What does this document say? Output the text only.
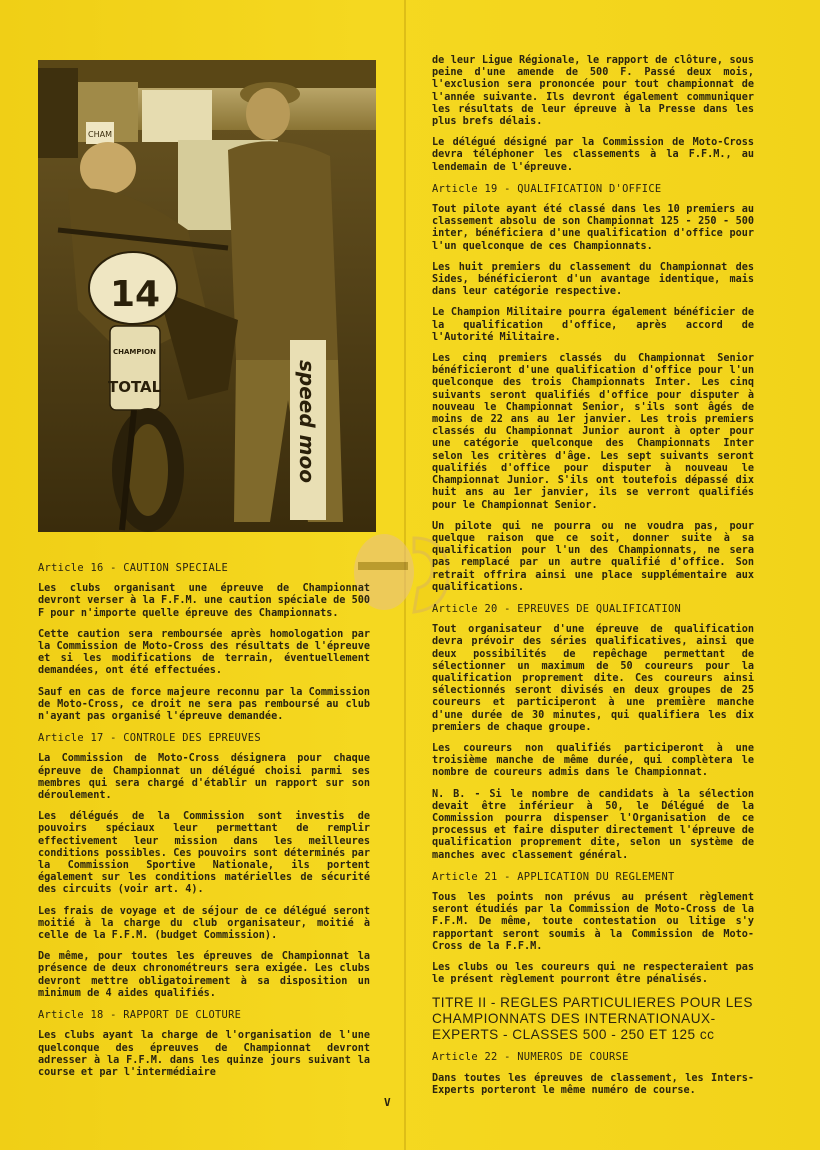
CHAM
speed moo
14
CHAMPION
TOTAL
Article 16 - CAUTION SPECIALE
Les clubs organisant une épreuve de Championnat devront verser à la F.F.M. une caution spéciale de 500 F pour n'importe quelle épreuve des Championnats.
Cette caution sera remboursée après homologation par la Commission de Moto-Cross des résultats de l'épreuve et si les modifications de terrain, éventuellement demandées, ont été effectuées.
Sauf en cas de force majeure reconnu par la Commission de Moto-Cross, ce droit ne sera pas remboursé au club n'ayant pas organisé l'épreuve demandée.
Article 17 - CONTROLE DES EPREUVES
La Commission de Moto-Cross désignera pour chaque épreuve de Championnat un délégué choisi parmi ses membres qui sera chargé d'établir un rapport sur son déroulement.
Les délégués de la Commission sont investis de pouvoirs spéciaux leur permettant de remplir effectivement leur mission dans les meilleures conditions possibles. Ces pouvoirs sont déterminés par la Commission Sportive Nationale, ils portent également sur les conditions matérielles de sécurité des circuits (voir art. 4).
Les frais de voyage et de séjour de ce délégué seront moitié à la charge du club organisateur, moitié à celle de la F.F.M. (budget Commission).
De même, pour toutes les épreuves de Championnat la présence de deux chronométreurs sera exigée. Les clubs devront mettre obligatoirement à sa disposition un minimum de 4 aides qualifiés.
Article 18 - RAPPORT DE CLOTURE
Les clubs ayant la charge de l'organisation de l'une quelconque des épreuves de Championnat devront adresser à la F.F.M. dans les quinze jours suivant la course et par l'intermédiaire
de leur Ligue Régionale, le rapport de clôture, sous peine d'une amende de 500 F. Passé deux mois, l'exclusion sera prononcée pour tout championnat de l'année suivante. Ils devront également communiquer les résultats de leur épreuve à la Presse dans les plus brefs délais.
Le délégué désigné par la Commission de Moto-Cross devra téléphoner les classements à la F.F.M., au lendemain de l'épreuve.
Article 19 - QUALIFICATION D'OFFICE
Tout pilote ayant été classé dans les 10 premiers au classement absolu de son Championnat 125 - 250 - 500 inter, bénéficiera d'une qualification d'office pour l'un quelconque de ces Championnats.
Les huit premiers du classement du Championnat des Sides, bénéficieront d'un avantage identique, mais dans leur catégorie respective.
Le Champion Militaire pourra également bénéficier de la qualification d'office, après accord de l'Autorité Militaire.
Les cinq premiers classés du Championnat Senior bénéficieront d'une qualification d'office pour l'un quelconque des trois Championnats Inter. Les cinq suivants seront qualifiés d'office pour disputer à nouveau le Championnat Senior, s'ils sont âgés de moins de 22 ans au 1er janvier. Les trois premiers classés du Championnat Junior auront à opter pour une catégorie quelconque des Championnats Inter selon les critères d'âge. Les sept suivants seront qualifiés d'office pour disputer à nouveau le Championnat Junior. S'ils ont toutefois dépassé dix huit ans au 1er janvier, ils se verront qualifiés pour le Championnat Senior.
Un pilote qui ne pourra ou ne voudra pas, pour quelque raison que ce soit, donner suite à sa qualification pour l'un des Championnats, ne sera pas remplacé par un autre qualifié d'office. Son retrait offrira ainsi une place supplémentaire aux qualifications.
Article 20 - EPREUVES DE QUALIFICATION
Tout organisateur d'une épreuve de qualification devra prévoir des séries qualificatives, ainsi que deux possibilités de repêchage permettant de sélectionner un maximum de 50 coureurs pour la qualification proprement dite. Ces coureurs ainsi sélectionnés seront divisés en deux groupes de 25 coureurs et participeront à une première manche d'une durée de 30 minutes, qui qualifiera les dix premiers de chaque groupe.
Les coureurs non qualifiés participeront à une troisième manche de même durée, qui complètera le nombre de coureurs admis dans le Championnat.
N. B. - Si le nombre de candidats à la sélection devait être inférieur à 50, le Délégué de la Commission pourra dispenser l'Organisation de ce processus et faire disputer directement l'épreuve de qualification proprement dite, selon un système de manches avec classement général.
Article 21 - APPLICATION DU REGLEMENT
Tous les points non prévus au présent règlement seront étudiés par la Commission de Moto-Cross de la F.F.M. De même, toute contestation ou litige s'y rapportant seront soumis à la Commission de Moto-Cross de la F.F.M.
Les clubs ou les coureurs qui ne respecteraient pas le présent règlement pourront être pénalisés.
TITRE II - REGLES PARTICULIERES POUR LES CHAMPIONNATS DES INTERNATIONAUX-EXPERTS - CLASSES 500 - 250 ET 125 cc
Article 22 - NUMEROS DE COURSE
Dans toutes les épreuves de classement, les Inters-Experts porteront le même numéro de course.
V
